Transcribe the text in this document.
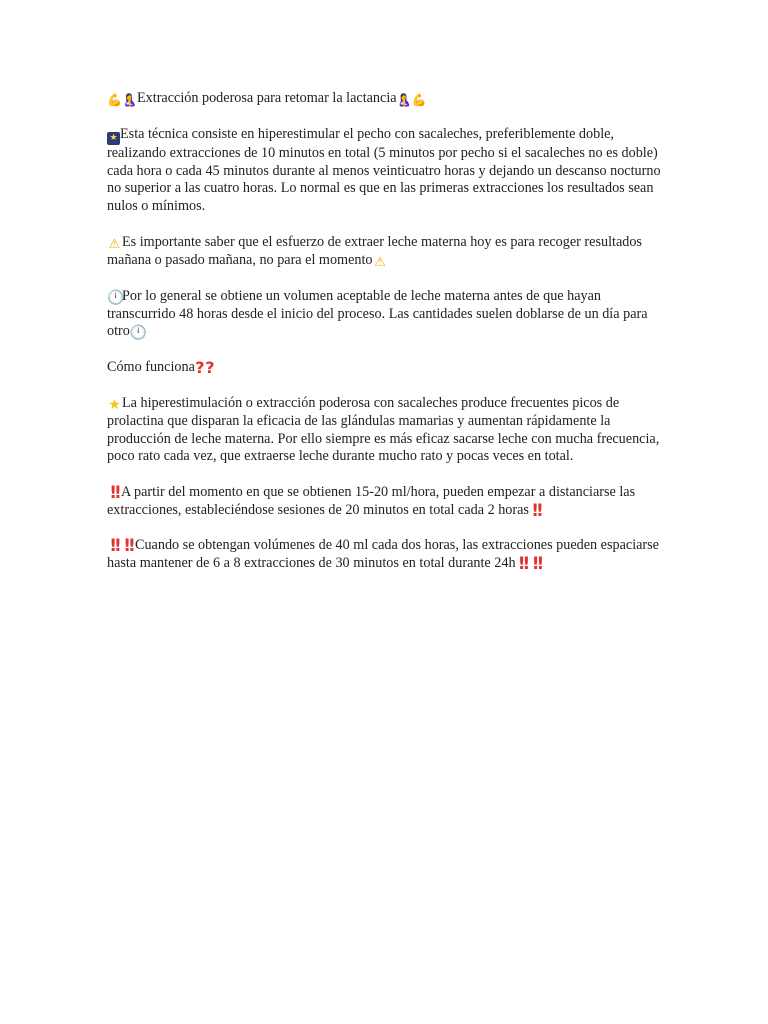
💪🤱Extracción poderosa para retomar la lactancia🤱💪

★ Esta técnica consiste en hiperestimular el pecho con sacaleches, preferiblemente doble, realizando extracciones de 10 minutos en total (5 minutos por pecho si el sacaleches no es doble) cada hora o cada 45 minutos durante al menos veinticuatro horas y dejando un descanso nocturno no superior a las cuatro horas. Lo normal es que en las primeras extracciones los resultados sean nulos o mínimos.

⚠ Es importante saber que el esfuerzo de extraer leche materna hoy es para recoger resultados mañana o pasado mañana, no para el momento ⚠

🕛Por lo general se obtiene un volumen aceptable de leche materna antes de que hayan transcurrido 48 horas desde el inicio del proceso. Las cantidades suelen doblarse de un día para otro🕛

Cómo funciona??

★La hiperestimulación o extracción poderosa con sacaleches produce frecuentes picos de prolactina que disparan la eficacia de las glándulas mamarias y aumentan rápidamente la producción de leche materna. Por ello siempre es más eficaz sacarse leche con mucha frecuencia, poco rato cada vez, que extraerse leche durante mucho rato y pocas veces en total.

!! A partir del momento en que se obtienen 15-20 ml/hora, pueden empezar a distanciarse las extracciones, estableciéndose sesiones de 20 minutos en total cada 2 horas !!

!! !! Cuando se obtengan volúmenes de 40 ml cada dos horas, las extracciones pueden espaciarse hasta mantener de 6 a 8 extracciones de 30 minutos en total durante 24h !! !!
